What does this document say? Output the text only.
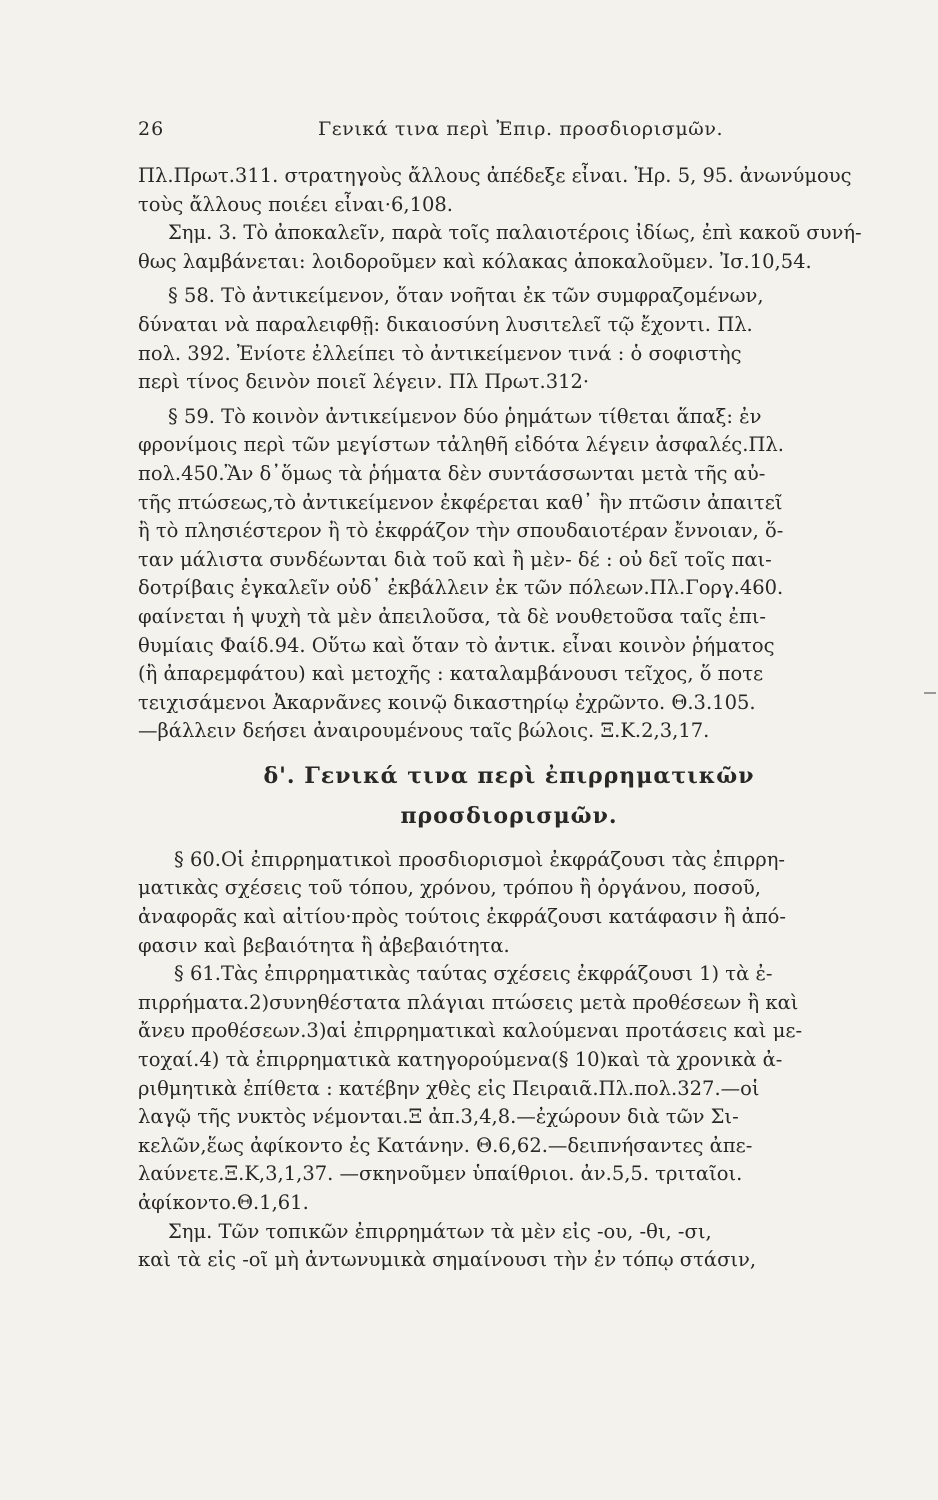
26	Γενικά τινα περὶ Ἐπιρ. προσδιορισμῶν.
Πλ.Πρωτ.311. στρατηγοὺς ἄλλους ἀπέδεξε εἶναι. Ἡρ. 5, 95. ἀνωνύμους
τοὺς ἄλλους ποιέει εἶναι·6,108.
Σημ. 3. Τὸ ἀποκαλεῖν, παρὰ τοῖς παλαιοτέροις ἰδίως, ἐπὶ κακοῦ συνή-
θως λαμβάνεται: λοιδοροῦμεν καὶ κόλακας ἀποκαλοῦμεν. Ἰσ.10,54.
§ 58. Τὸ ἀντικείμενον, ὅταν νοῆται ἐκ τῶν συμφραζομένων,
δύναται νὰ παραλειφθῇ: δικαιοσύνη λυσιτελεῖ τῷ ἔχοντι. Πλ.
πολ. 392. Ἐνίοτε ἐλλείπει τὸ ἀντικείμενον τινά : ὁ σοφιστὴς
περὶ τίνος δεινὸν ποιεῖ λέγειν. Πλ Πρωτ.312·
§ 59. Τὸ κοινὸν ἀντικείμενον δύο ῥημάτων τίθεται ἅπαξ: ἐν
φρονίμοις περὶ τῶν μεγίστων τἀληθῆ εἰδότα λέγειν ἀσφαλές.Πλ.
πολ.450.Ἂν δ᾿ὅμως τὰ ῥήματα δὲν συντάσσωνται μετὰ τῆς αὐ-
τῆς πτώσεως,τὸ ἀντικείμενον ἐκφέρεται καθ᾿ ἣν πτῶσιν ἀπαιτεῖ
ἢ τὸ πλησιέστερον ἢ τὸ ἐκφράζον τὴν σπουδαιοτέραν ἔννοιαν, ὅ-
ταν μάλιστα συνδέωνται διὰ τοῦ καὶ ἢ μὲν- δέ : οὐ δεῖ τοῖς παι-
δοτρίβαις ἐγκαλεῖν οὐδ᾿ ἐκβάλλειν ἐκ τῶν πόλεων.Πλ.Γοργ.460.
φαίνεται ἡ ψυχὴ τὰ μὲν ἀπειλοῦσα, τὰ δὲ νουθετοῦσα ταῖς ἐπι-
θυμίαις Φαίδ.94. Οὕτω καὶ ὅταν τὸ ἀντικ. εἶναι κοινὸν ῥήματος
(ἢ ἀπαρεμφάτου) καὶ μετοχῆς : καταλαμβάνουσι τεῖχος, ὅ ποτε
τειχισάμενοι Ἀκαρνᾶνες κοινῷ δικαστηρίῳ ἐχρῶντο. Θ.3.105.
—βάλλειν δεήσει ἀναιρουμένους ταῖς βώλοις. Ξ.Κ.2,3,17.
δ'. Γενικά τινα περὶ ἐπιρρηματικῶν
προσδιορισμῶν.
§ 60.Οἱ ἐπιρρηματικοὶ προσδιορισμοὶ ἐκφράζουσι τὰς ἐπιρρη-
ματικὰς σχέσεις τοῦ τόπου, χρόνου, τρόπου ἢ ὀργάνου, ποσοῦ,
ἀναφορᾶς καὶ αἰτίου·πρὸς τούτοις ἐκφράζουσι κατάφασιν ἢ ἀπό-
φασιν καὶ βεβαιότητα ἢ ἀβεβαιότητα.
§ 61.Τὰς ἐπιρρηματικὰς ταύτας σχέσεις ἐκφράζουσι 1) τὰ ἐ-
πιρρήματα.2)συνηθέστατα πλάγιαι πτώσεις μετὰ προθέσεων ἢ καὶ
ἄνευ προθέσεων.3)αἱ ἐπιρρηματικαὶ καλούμεναι προτάσεις καὶ με-
τοχαί.4) τὰ ἐπιρρηματικὰ κατηγορούμενα(§ 10)καὶ τὰ χρονικὰ ἀ-
ριθμητικὰ ἐπίθετα : κατέβην χθὲς εἰς Πειραιᾶ.Πλ.πολ.327.—οἱ
λαγῷ τῆς νυκτὸς νέμονται.Ξ ἀπ.3,4,8.—ἐχώρουν διὰ τῶν Σι-
κελῶν,ἕως ἀφίκοντο ἐς Κατάνην. Θ.6,62.—δειπνήσαντες ἀπε-
λαύνετε.Ξ.Κ,3,1,37. —σκηνοῦμεν ὑπαίθριοι. ἀν.5,5. τριταῖοι.
ἀφίκοντο.Θ.1,61.
Σημ. Τῶν τοπικῶν ἐπιρρημάτων τὰ μὲν εἰς -ου, -θι, -σι,
καὶ τὰ εἰς -οῖ μὴ ἀντωνυμικὰ σημαίνουσι τὴν ἐν τόπῳ στάσιν,
